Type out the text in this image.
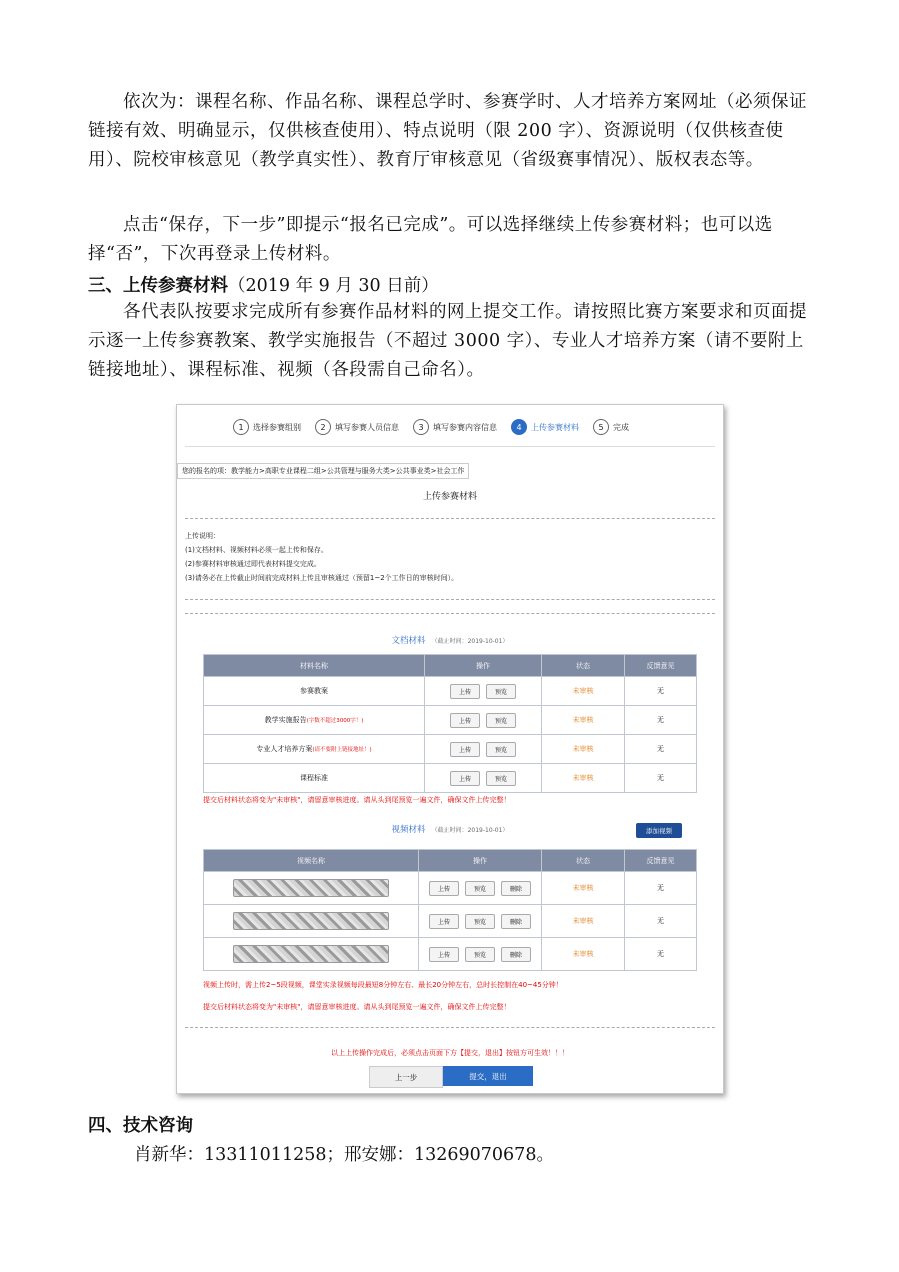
依次为：课程名称、作品名称、课程总学时、参赛学时、人才培养方案网址（必须保证链接有效、明确显示，仅供核查使用）、特点说明（限 200 字）、资源说明（仅供核查使用）、院校审核意见（教学真实性）、教育厅审核意见（省级赛事情况）、版权表态等。

点击“保存，下一步”即提示“报名已完成”。可以选择继续上传参赛材料；也可以选择“否”，下次再登录上传材料。

三、上传参赛材料（2019 年 9 月 30 日前）

各代表队按要求完成所有参赛作品材料的网上提交工作。请按照比赛方案要求和页面提示逐一上传参赛教案、教学实施报告（不超过 3000 字）、专业人才培养方案（请不要附上链接地址）、课程标准、视频（各段需自己命名）。

1	选择参赛组别	2	填写参赛人员信息	3	填写参赛内容信息	4	上传参赛材料	5	完成
您的报名的项：教学能力>高职专业课程二组>公共管理与服务大类>公共事业类>社会工作
上传参赛材料
上传说明：
(1)文档材料、视频材料必须一起上传和保存。
(2)参赛材料审核通过即代表材料提交完成。
(3)请务必在上传截止时间前完成材料上传且审核通过（预留1~2个工作日的审核时间）。
文档材料 （截止时间：2019-10-01）
材料名称	操作	状态	反馈意见
参赛教案	上传 预览	未审核	无
教学实施报告(字数不超过3000字！)	上传 预览	未审核	无
专业人才培养方案(请不要附上链接地址！)	上传 预览	未审核	无
课程标准	上传 预览	未审核	无
提交后材料状态将变为"未审核"，请留意审核进度。请从头到尾预览一遍文件，确保文件上传完整！
视频材料 （截止时间：2019-10-01）	添加视频
视频名称	操作	状态	反馈意见
	上传 预览 删除	未审核	无
	上传 预览 删除	未审核	无
	上传 预览 删除	未审核	无
视频上传时，需上传2~5段视频，课堂实录视频每段最短8分钟左右、最长20分钟左右，总时长控制在40~45分钟！
提交后材料状态将变为"未审核"，请留意审核进度。请从头到尾预览一遍文件，确保文件上传完整！
以上上传操作完成后，必须点击页面下方【提交，退出】按钮方可生效！！！
上一步	提交，退出
四、技术咨询
肖新华：13311011258；邢安娜：13269070678。
